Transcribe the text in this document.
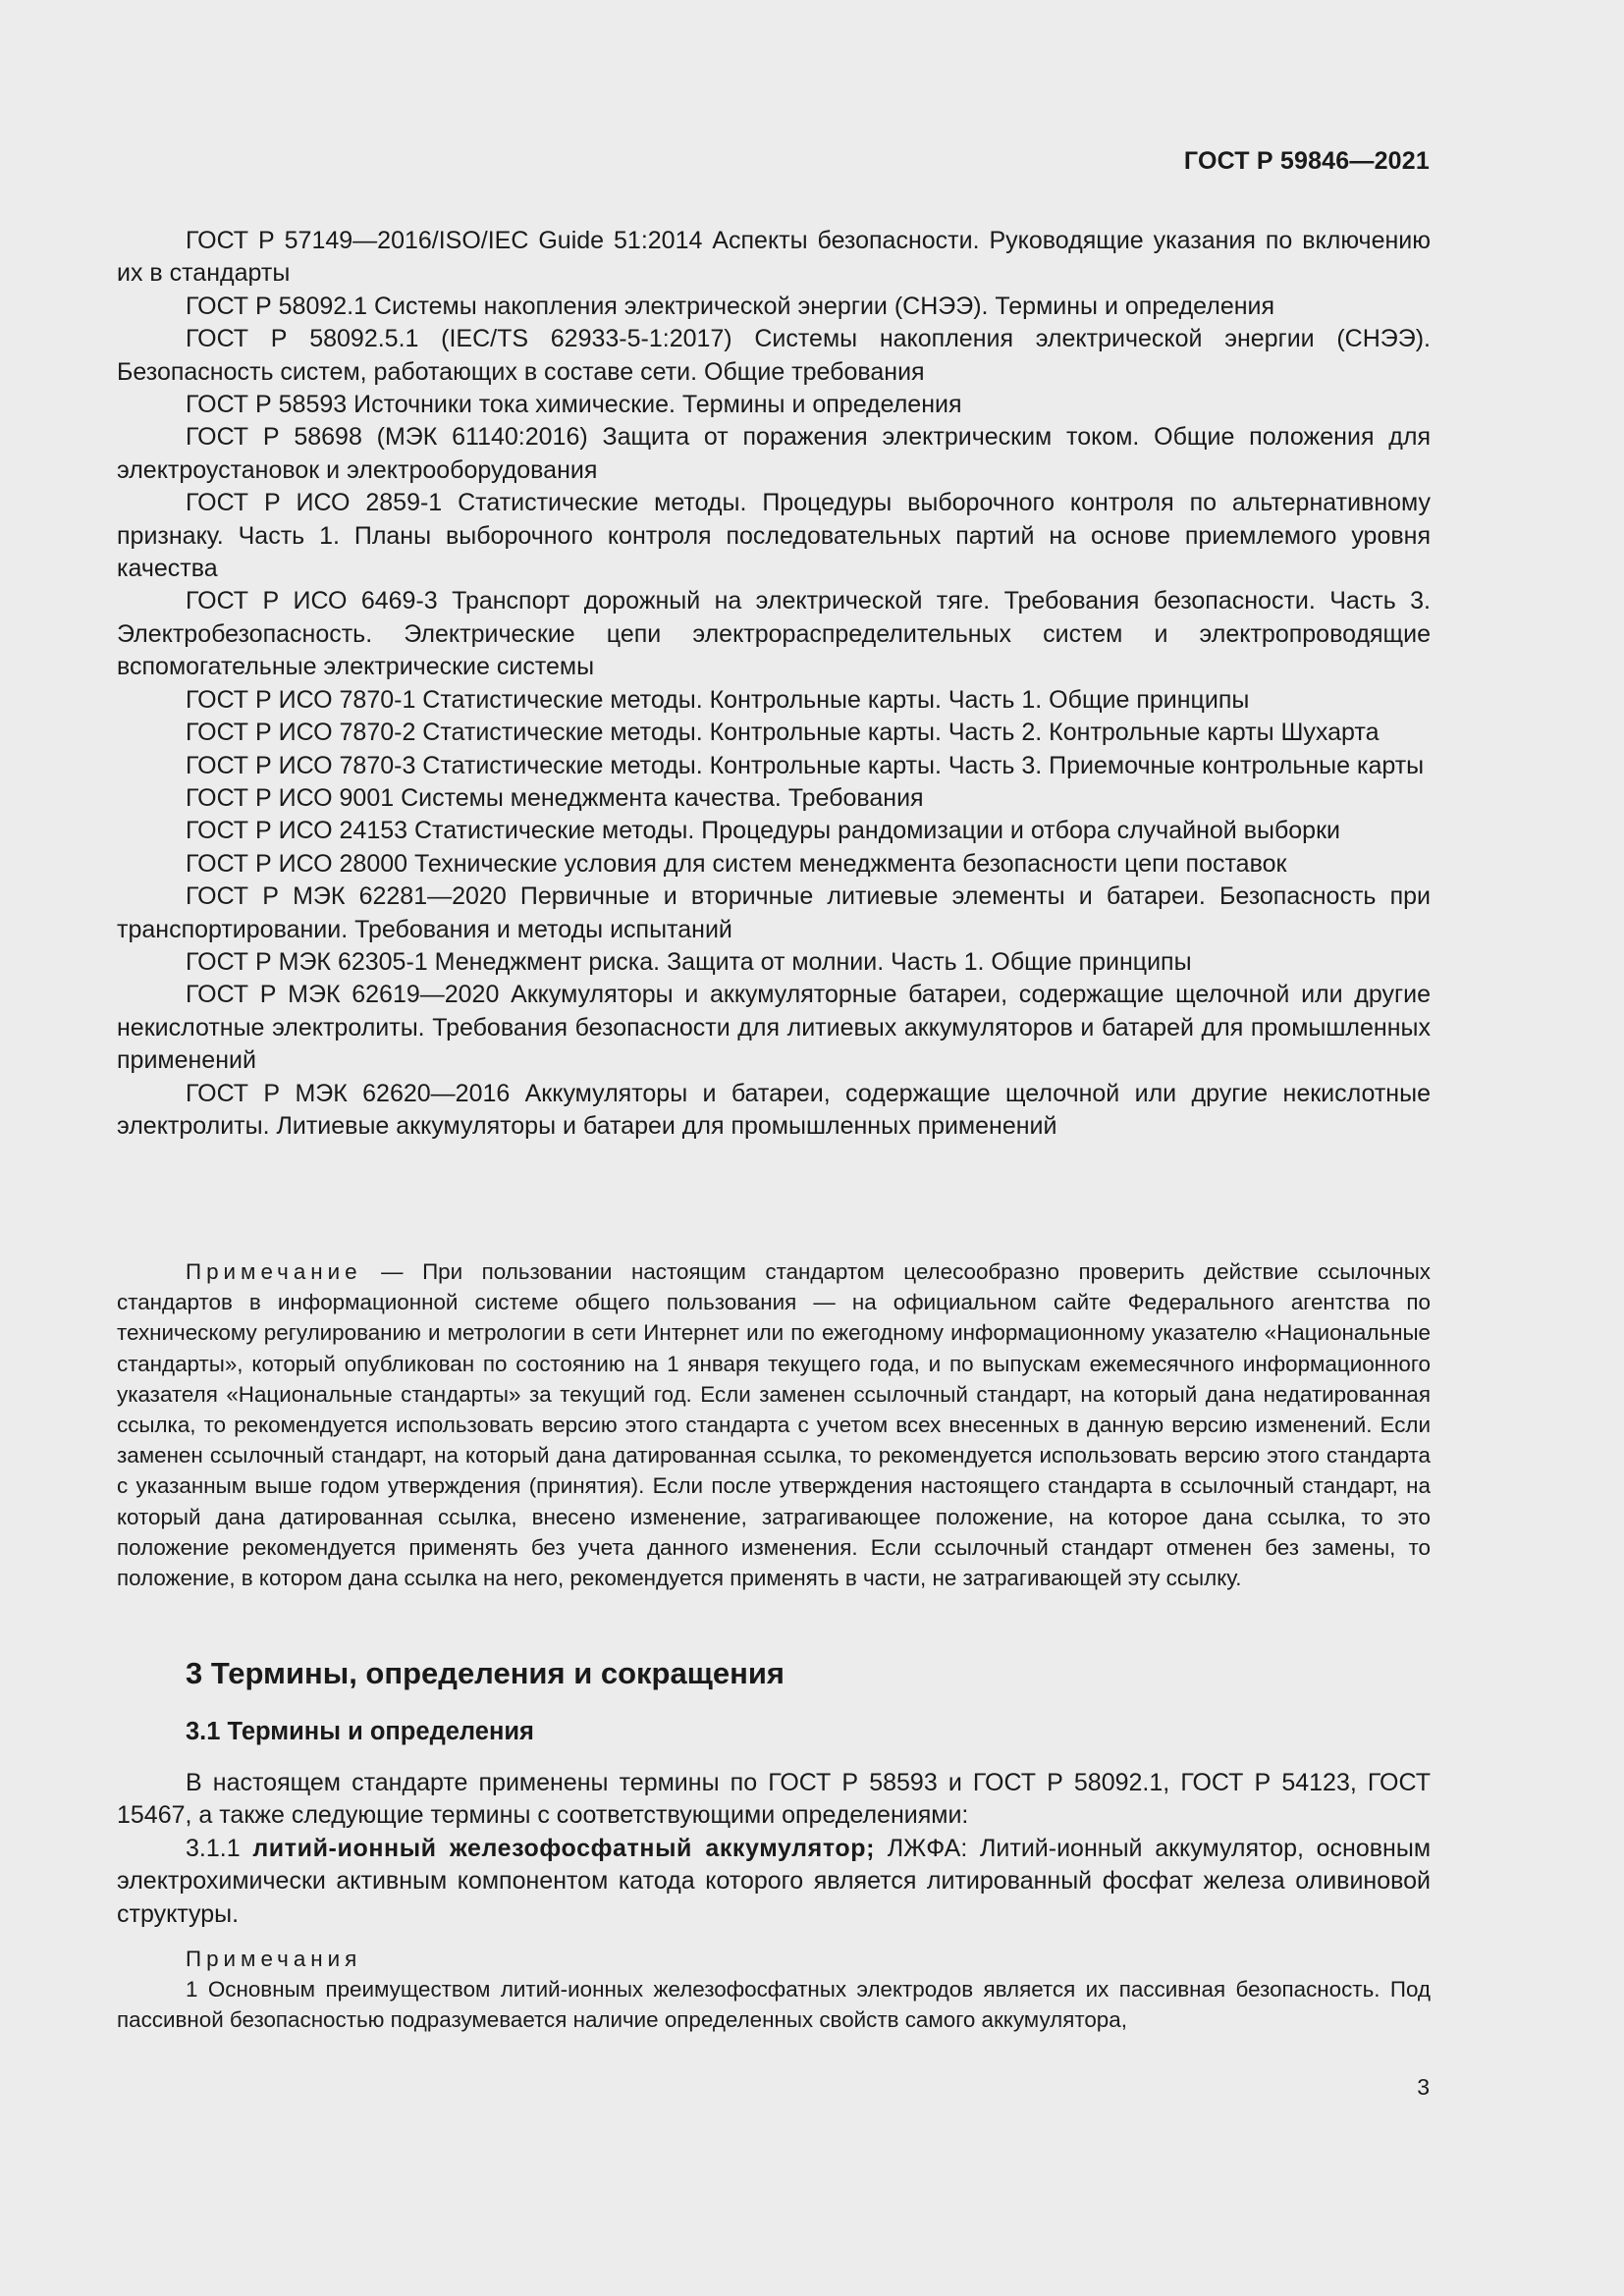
ГОСТ Р 59846—2021

ГОСТ Р 57149—2016/ISO/IEC Guide 51:2014 Аспекты безопасности. Руководящие указания по включению их в стандарты

ГОСТ Р 58092.1 Системы накопления электрической энергии (СНЭЭ). Термины и определения

ГОСТ Р 58092.5.1 (IEC/TS 62933-5-1:2017) Системы накопления электрической энергии (СНЭЭ). Безопасность систем, работающих в составе сети. Общие требования

ГОСТ Р 58593 Источники тока химические. Термины и определения

ГОСТ Р 58698 (МЭК 61140:2016) Защита от поражения электрическим током. Общие положения для электроустановок и электрооборудования

ГОСТ Р ИСО 2859-1 Статистические методы. Процедуры выборочного контроля по альтернативному признаку. Часть 1. Планы выборочного контроля последовательных партий на основе приемлемого уровня качества

ГОСТ Р ИСО 6469-3 Транспорт дорожный на электрической тяге. Требования безопасности. Часть 3. Электробезопасность. Электрические цепи электрораспределительных систем и электропроводящие вспомогательные электрические системы

ГОСТ Р ИСО 7870-1 Статистические методы. Контрольные карты. Часть 1. Общие принципы

ГОСТ Р ИСО 7870-2 Статистические методы. Контрольные карты. Часть 2. Контрольные карты Шухарта

ГОСТ Р ИСО 7870-3 Статистические методы. Контрольные карты. Часть 3. Приемочные контрольные карты

ГОСТ Р ИСО 9001 Системы менеджмента качества. Требования

ГОСТ Р ИСО 24153 Статистические методы. Процедуры рандомизации и отбора случайной выборки

ГОСТ Р ИСО 28000 Технические условия для систем менеджмента безопасности цепи поставок

ГОСТ Р МЭК 62281—2020 Первичные и вторичные литиевые элементы и батареи. Безопасность при транспортировании. Требования и методы испытаний

ГОСТ Р МЭК 62305-1 Менеджмент риска. Защита от молнии. Часть 1. Общие принципы

ГОСТ Р МЭК 62619—2020 Аккумуляторы и аккумуляторные батареи, содержащие щелочной или другие некислотные электролиты. Требования безопасности для литиевых аккумуляторов и батарей для промышленных применений

ГОСТ Р МЭК 62620—2016 Аккумуляторы и батареи, содержащие щелочной или другие некислотные электролиты. Литиевые аккумуляторы и батареи для промышленных применений

Примечание — При пользовании настоящим стандартом целесообразно проверить действие ссылочных стандартов в информационной системе общего пользования — на официальном сайте Федерального агентства по техническому регулированию и метрологии в сети Интернет или по ежегодному информационному указателю «Национальные стандарты», который опубликован по состоянию на 1 января текущего года, и по выпускам ежемесячного информационного указателя «Национальные стандарты» за текущий год. Если заменен ссылочный стандарт, на который дана недатированная ссылка, то рекомендуется использовать версию этого стандарта с учетом всех внесенных в данную версию изменений. Если заменен ссылочный стандарт, на который дана датированная ссылка, то рекомендуется использовать версию этого стандарта с указанным выше годом утверждения (принятия). Если после утверждения настоящего стандарта в ссылочный стандарт, на который дана датированная ссылка, внесено изменение, затрагивающее положение, на которое дана ссылка, то это положение рекомендуется применять без учета данного изменения. Если ссылочный стандарт отменен без замены, то положение, в котором дана ссылка на него, рекомендуется применять в части, не затрагивающей эту ссылку.

3 Термины, определения и сокращения
3.1 Термины и определения

В настоящем стандарте применены термины по ГОСТ Р 58593 и ГОСТ Р 58092.1, ГОСТ Р 54123, ГОСТ 15467, а также следующие термины с соответствующими определениями:

3.1.1 литий-ионный железофосфатный аккумулятор; ЛЖФА: Литий-ионный аккумулятор, основным электрохимически активным компонентом катода которого является литированный фосфат железа оливиновой структуры.

Примечания

1 Основным преимуществом литий-ионных железофосфатных электродов является их пассивная безопасность. Под пассивной безопасностью подразумевается наличие определенных свойств самого аккумулятора,

3
